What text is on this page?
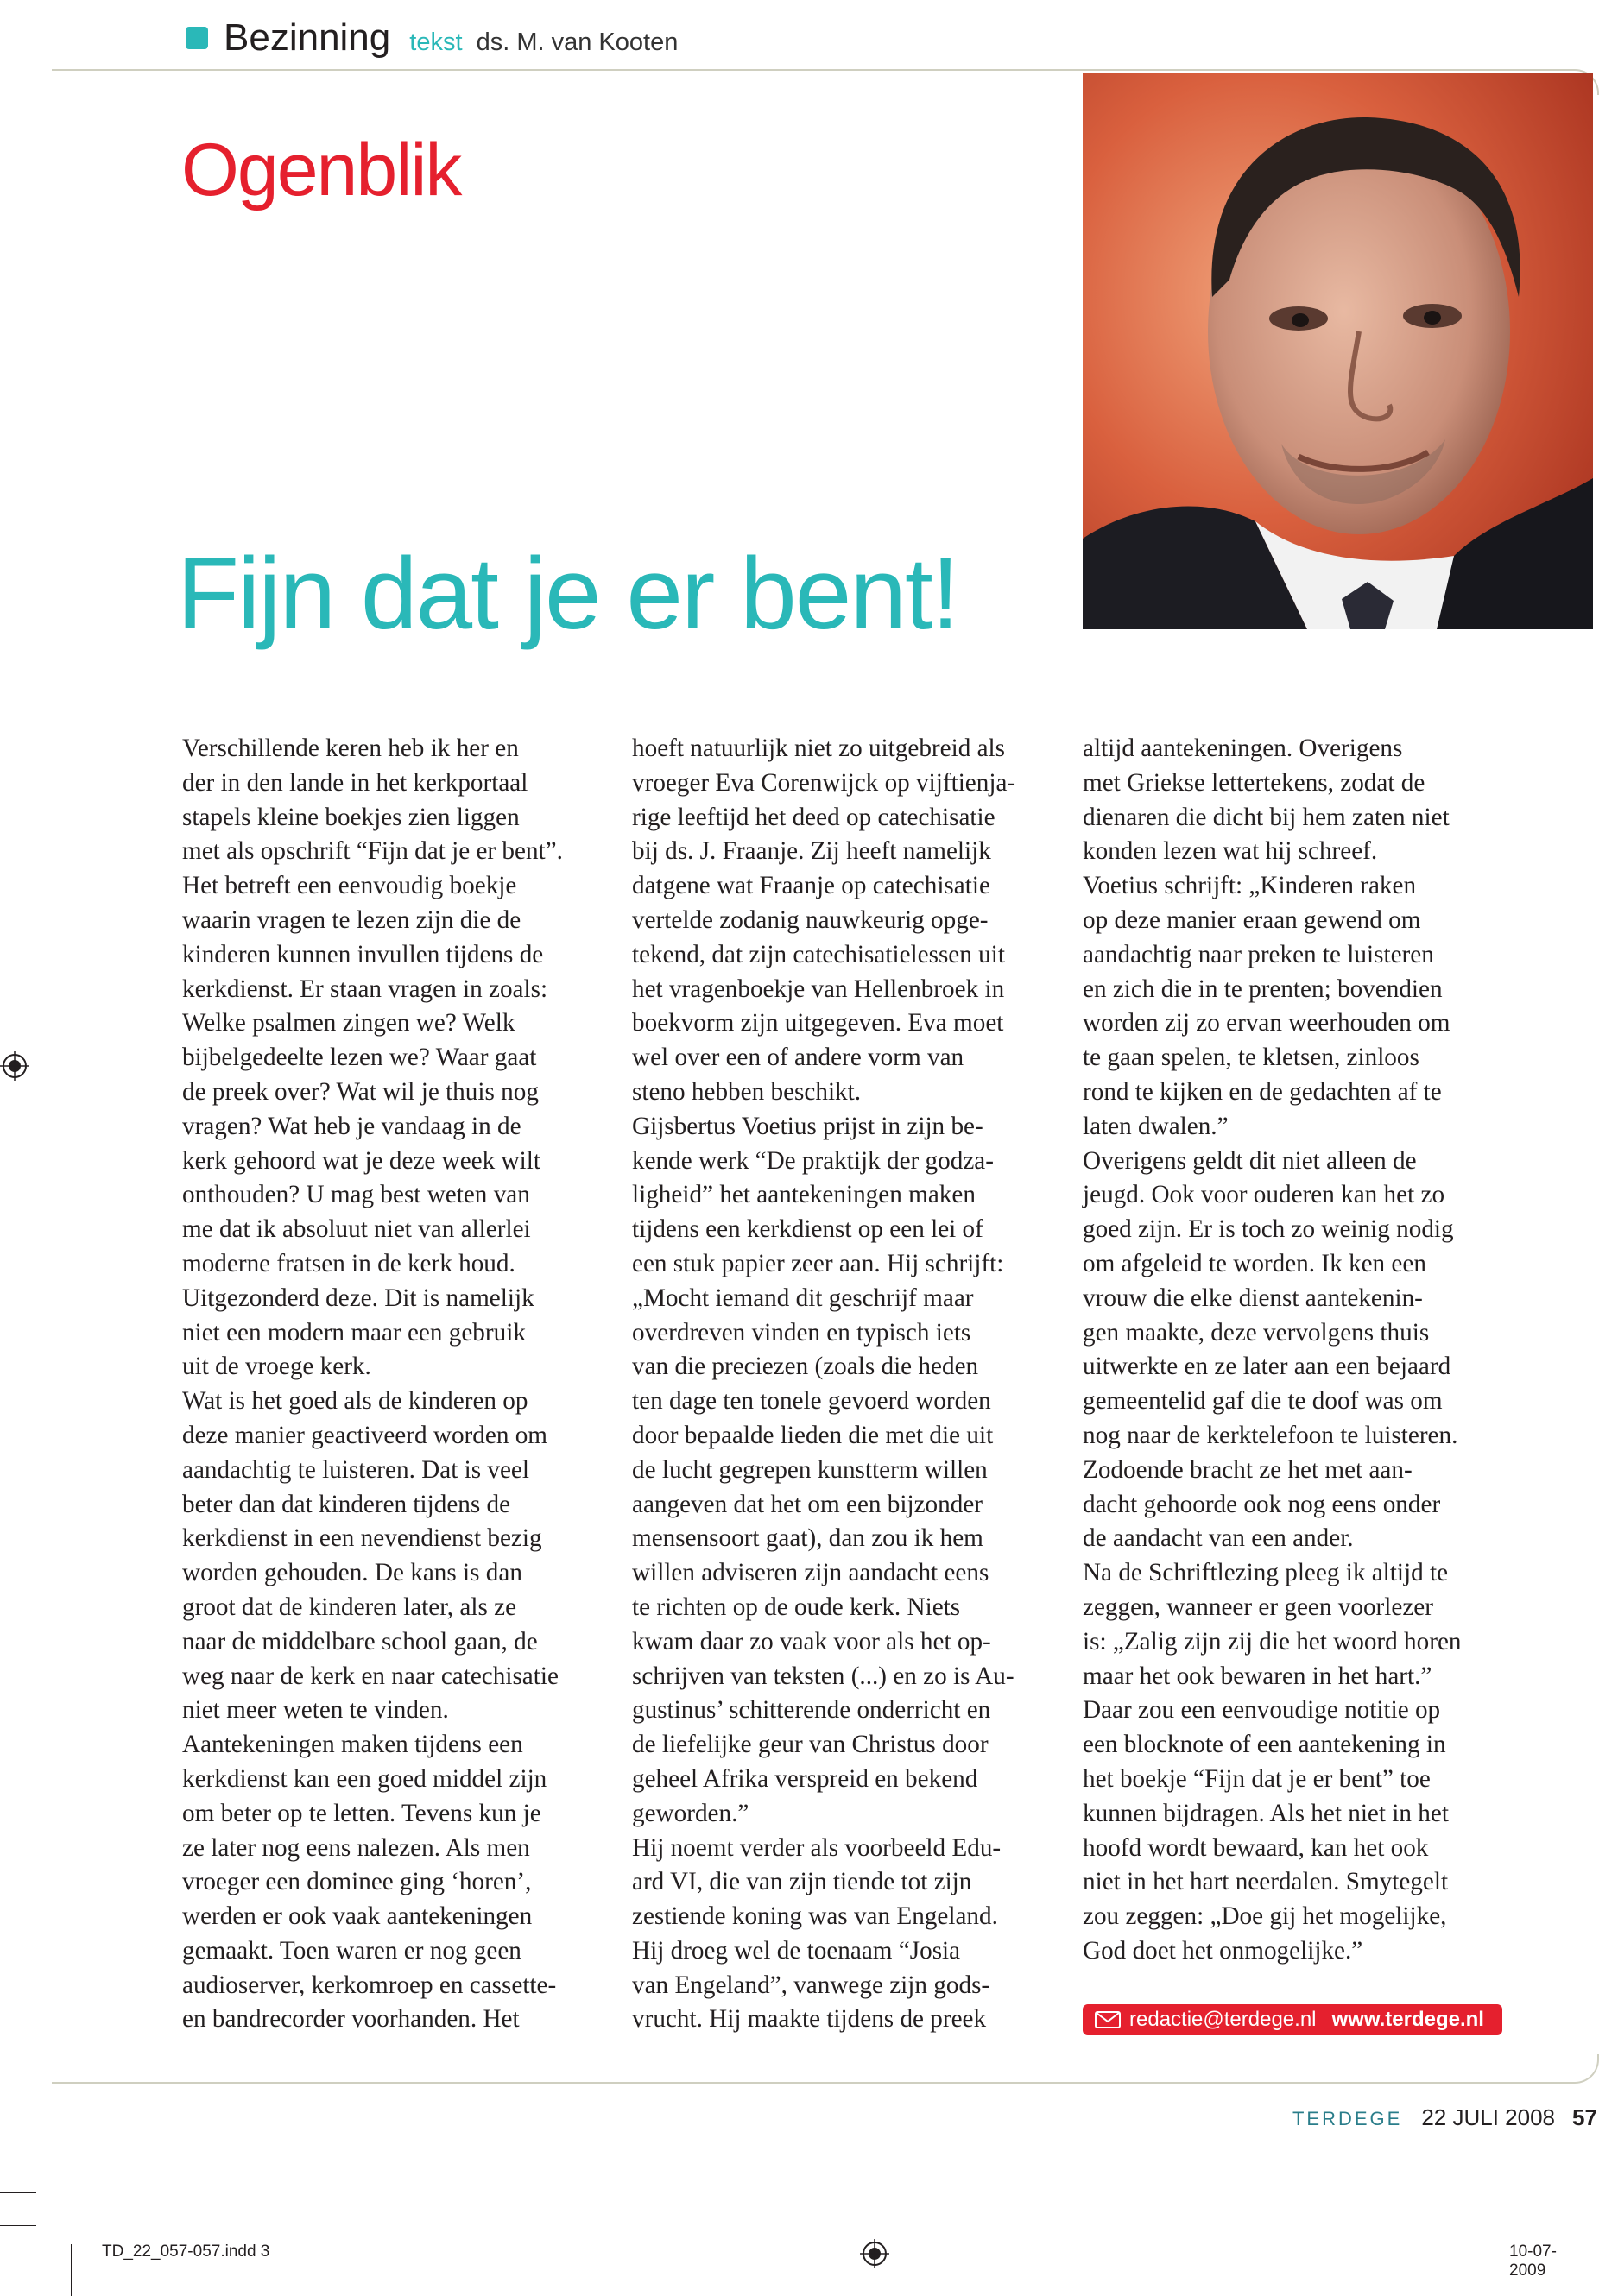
Bezinning tekst ds. M. van Kooten
Ogenblik
Fijn dat je er bent!

Verschillende keren heb ik her en

der in den lande in het kerkportaal

stapels kleine boekjes zien liggen

met als opschrift “Fijn dat je er bent”.

Het betreft een eenvoudig boekje

waarin vragen te lezen zijn die de

kinderen kunnen invullen tijdens de

kerkdienst. Er staan vragen in zoals:

Welke psalmen zingen we? Welk

bijbelgedeelte lezen we? Waar gaat

de preek over? Wat wil je thuis nog

vragen? Wat heb je vandaag in de

kerk gehoord wat je deze week wilt

onthouden? U mag best weten van

me dat ik absoluut niet van allerlei

moderne fratsen in de kerk houd.

Uitgezonderd deze. Dit is namelijk

niet een modern maar een gebruik

uit de vroege kerk.

Wat is het goed als de kinderen op

deze manier geactiveerd worden om

aandachtig te luisteren. Dat is veel

beter dan dat kinderen tijdens de

kerkdienst in een nevendienst bezig

worden gehouden. De kans is dan

groot dat de kinderen later, als ze

naar de middelbare school gaan, de

weg naar de kerk en naar catechisatie

niet meer weten te vinden.

Aantekeningen maken tijdens een

kerkdienst kan een goed middel zijn

om beter op te letten. Tevens kun je

ze later nog eens nalezen. Als men

vroeger een dominee ging ‘horen’,

werden er ook vaak aantekeningen

gemaakt. Toen waren er nog geen

audioserver, kerkomroep en cassette-

en bandrecorder voorhanden. Het

hoeft natuurlijk niet zo uitgebreid als

vroeger Eva Corenwijck op vijftienja-

rige leeftijd het deed op catechisatie

bij ds. J. Fraanje. Zij heeft namelijk

datgene wat Fraanje op catechisatie

vertelde zodanig nauwkeurig opge-

tekend, dat zijn catechisatielessen uit

het vragenboekje van Hellenbroek in

boekvorm zijn uitgegeven. Eva moet

wel over een of andere vorm van

steno hebben beschikt.

Gijsbertus Voetius prijst in zijn be-

kende werk “De praktijk der godza-

ligheid” het aantekeningen maken

tijdens een kerkdienst op een lei of

een stuk papier zeer aan. Hij schrijft:

„Mocht iemand dit geschrijf maar

overdreven vinden en typisch iets

van die preciezen (zoals die heden

ten dage ten tonele gevoerd worden

door bepaalde lieden die met die uit

de lucht gegrepen kunstterm willen

aangeven dat het om een bijzonder

mensensoort gaat), dan zou ik hem

willen adviseren zijn aandacht eens

te richten op de oude kerk. Niets

kwam daar zo vaak voor als het op-

schrijven van teksten (...) en zo is Au-

gustinus’ schitterende onderricht en

de liefelijke geur van Christus door

geheel Afrika verspreid en bekend

geworden.”

Hij noemt verder als voorbeeld Edu-

ard VI, die van zijn tiende tot zijn

zestiende koning was van Engeland.

Hij droeg wel de toenaam “Josia

van Engeland”, vanwege zijn gods-

vrucht. Hij maakte tijdens de preek

altijd aantekeningen. Overigens

met Griekse lettertekens, zodat de

dienaren die dicht bij hem zaten niet

konden lezen wat hij schreef.

Voetius schrijft: „Kinderen raken

op deze manier eraan gewend om

aandachtig naar preken te luisteren

en zich die in te prenten; bovendien

worden zij zo ervan weerhouden om

te gaan spelen, te kletsen, zinloos

rond te kijken en de gedachten af te

laten dwalen.”

Overigens geldt dit niet alleen de

jeugd. Ook voor ouderen kan het zo

goed zijn. Er is toch zo weinig nodig

om afgeleid te worden. Ik ken een

vrouw die elke dienst aantekenin-

gen maakte, deze vervolgens thuis

uitwerkte en ze later aan een bejaard

gemeentelid gaf die te doof was om

nog naar de kerktelefoon te luisteren.

Zodoende bracht ze het met aan-

dacht gehoorde ook nog eens onder

de aandacht van een ander.

Na de Schriftlezing pleeg ik altijd te

zeggen, wanneer er geen voorlezer

is: „Zalig zijn zij die het woord horen

maar het ook bewaren in het hart.”

Daar zou een eenvoudige notitie op

een blocknote of een aantekening in

het boekje “Fijn dat je er bent” toe

kunnen bijdragen. Als het niet in het

hoofd wordt bewaard, kan het ook

niet in het hart neerdalen. Smytegelt

zou zeggen: „Doe gij het mogelijke,

God doet het onmogelijke.”

redactie@terdege.nl www.terdege.nl
TERDEGE 22 JULI 2008 57
TD_22_057-057.indd 3	10-07-2009
